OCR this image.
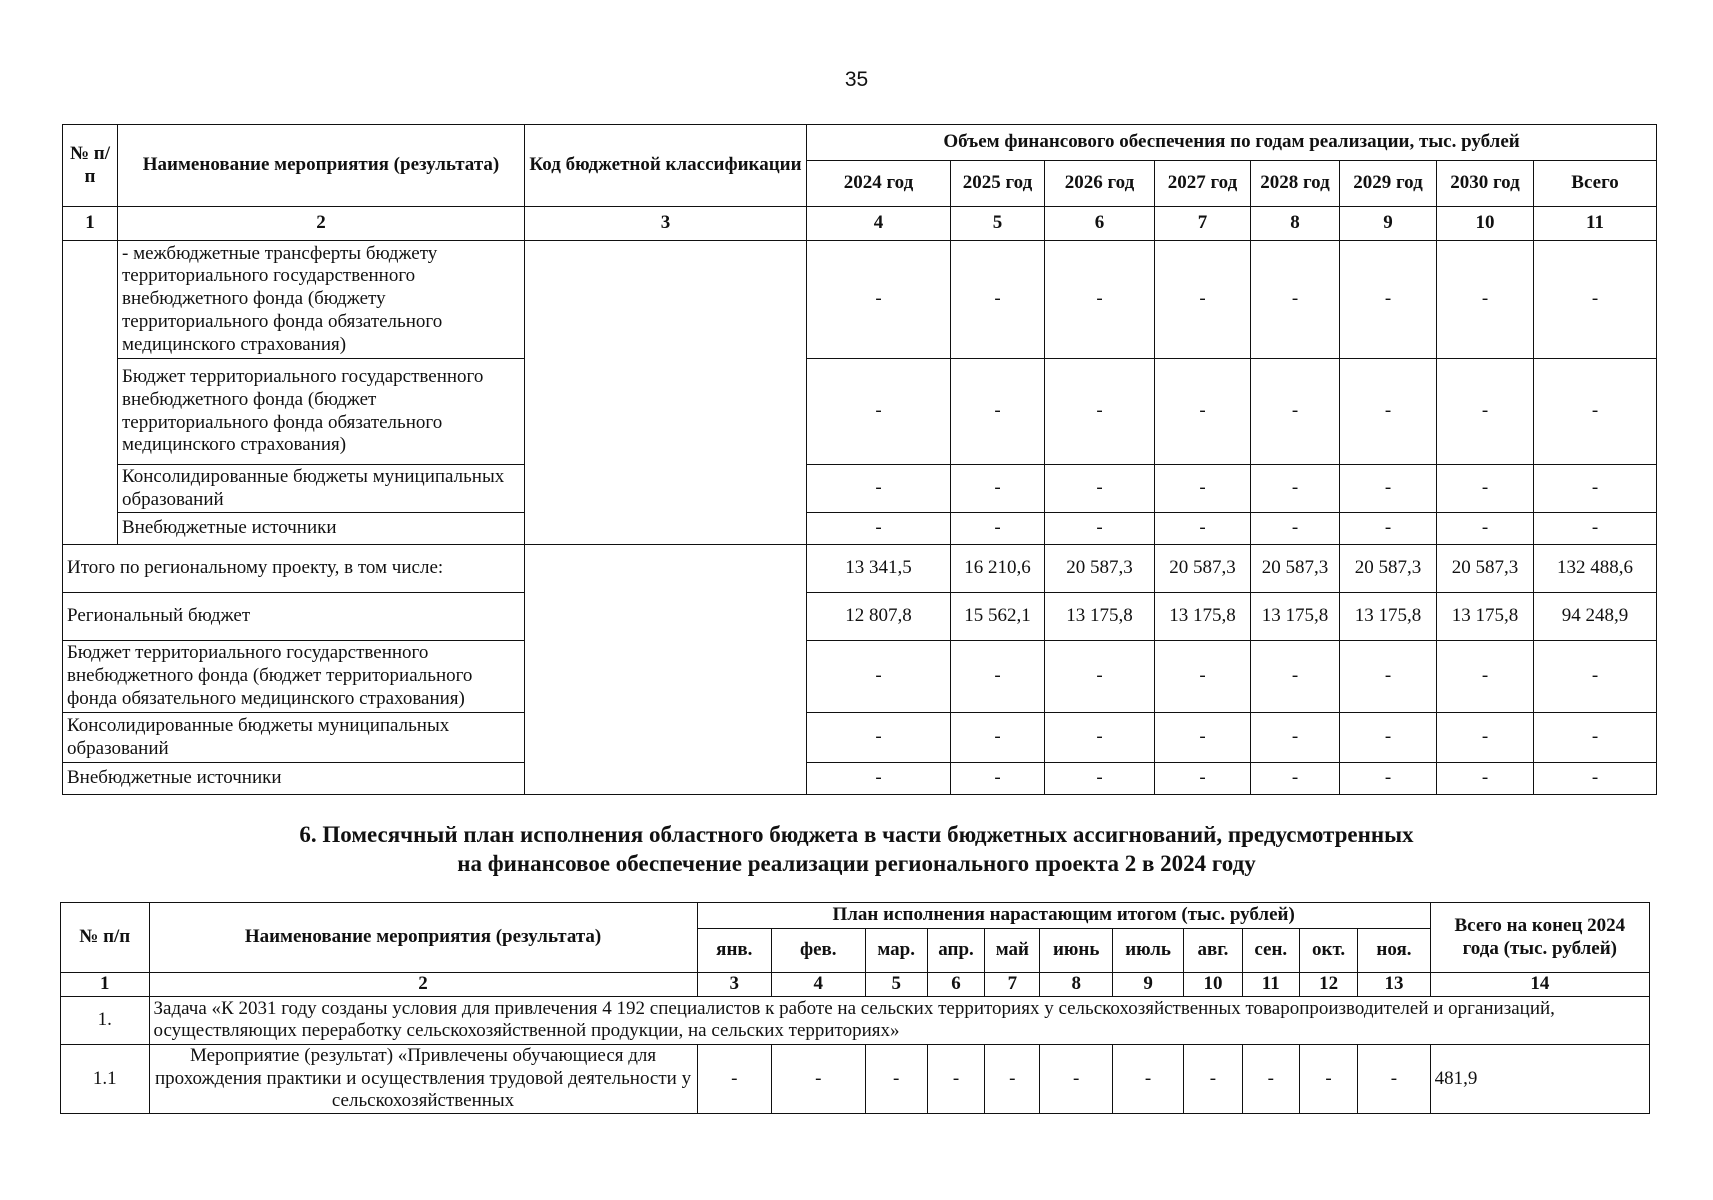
35
№ п/п	Наименование мероприятия (результата)	Код бюджетной классификации	Объем финансового обеспечения по годам реализации, тыс. рублей							
			2024 год	2025 год	2026 год	2027 год	2028 год	2029 год	2030 год	Всего
1	2	3	4	5	6	7	8	9	10	11
	- межбюджетные трансферты бюджету территориального государственного внебюджетного фонда (бюджету территориального фонда обязательного медицинского страхования)		-	-	-	-	-	-	-	-
	Бюджет территориального государственного внебюджетного фонда (бюджет территориального фонда обязательного медицинского страхования)		-	-	-	-	-	-	-	-
	Консолидированные бюджеты муниципальных образований		-	-	-	-	-	-	-	-
	Внебюджетные источники		-	-	-	-	-	-	-	-
Итого по региональному проекту, в том числе:			13 341,5	16 210,6	20 587,3	20 587,3	20 587,3	20 587,3	20 587,3	132 488,6
Региональный бюджет			12 807,8	15 562,1	13 175,8	13 175,8	13 175,8	13 175,8	13 175,8	94 248,9
Бюджет территориального государственного внебюджетного фонда (бюджет территориального фонда обязательного медицинского страхования)			-	-	-	-	-	-	-	-
Консолидированные бюджеты муниципальных образований			-	-	-	-	-	-	-	-
Внебюджетные источники			-	-	-	-	-	-	-	-
6. Помесячный план исполнения областного бюджета в части бюджетных ассигнований, предусмотренных
на финансовое обеспечение реализации регионального проекта 2 в 2024 году
№ п/п	Наименование мероприятия (результата)	План исполнения нарастающим итогом (тыс. рублей)											Всего на конец 2024 года (тыс. рублей)
		янв.	фев.	мар.	апр.	май	июнь	июль	авг.	сен.	окт.	ноя.	
1	2	3	4	5	6	7	8	9	10	11	12	13	14
1.	Задача «К 2031 году созданы условия для привлечения 4 192 специалистов к работе на сельских территориях у сельскохозяйственных товаропроизводителей и организаций, осуществляющих переработку сельскохозяйственной продукции, на сельских территориях»												
1.1	Мероприятие (результат) «Привлечены обучающиеся для прохождения практики и осуществления трудовой деятельности у сельскохозяйственных	-	-	-	-	-	-	-	-	-	-	-	481,9
